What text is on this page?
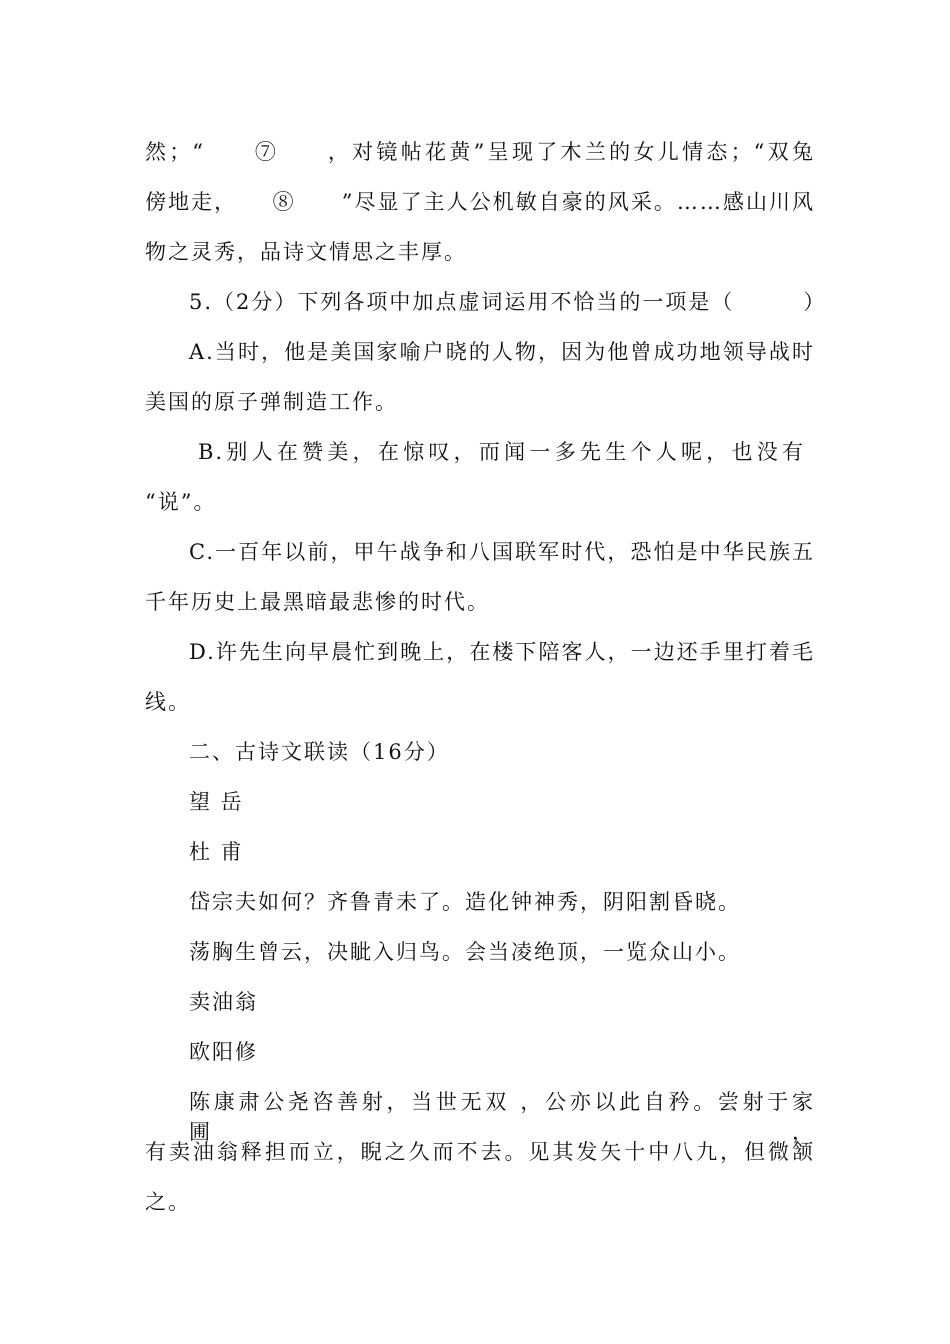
然；“　　⑦　　，对镜帖花黄”呈现了木兰的女儿情态；“双兔
傍地走，　　⑧　　”尽显了主人公机敏自豪的风采。……感山川风
物之灵秀，品诗文情思之丰厚。
5.（2分）下列各项中加点虚词运用不恰当的一项是（　　　）
A.当时，他是美国家喻户晓的人物，因为他曾成功地领导战时
美国的原子弹制造工作。
B.别人在赞美，在惊叹，而闻一多先生个人呢，也没有
“说”。
C.一百年以前，甲午战争和八国联军时代，恐怕是中华民族五
千年历史上最黑暗最悲惨的时代。
D.许先生向早晨忙到晚上，在楼下陪客人，一边还手里打着毛
线。
二、古诗文联读（16分）
望 岳
杜 甫
岱宗夫如何？齐鲁青未了。造化钟神秀，阴阳割昏晓。
荡胸生曾云，决眦入归鸟。会当凌绝顶，一览众山小。
卖油翁
欧阳修
陈康肃公尧咨善射，当世无双 ，公亦以此自矜。尝射于家圃，
有卖油翁释担而立，睨之久而不去。见其发矢十中八九，但微颔
之。
